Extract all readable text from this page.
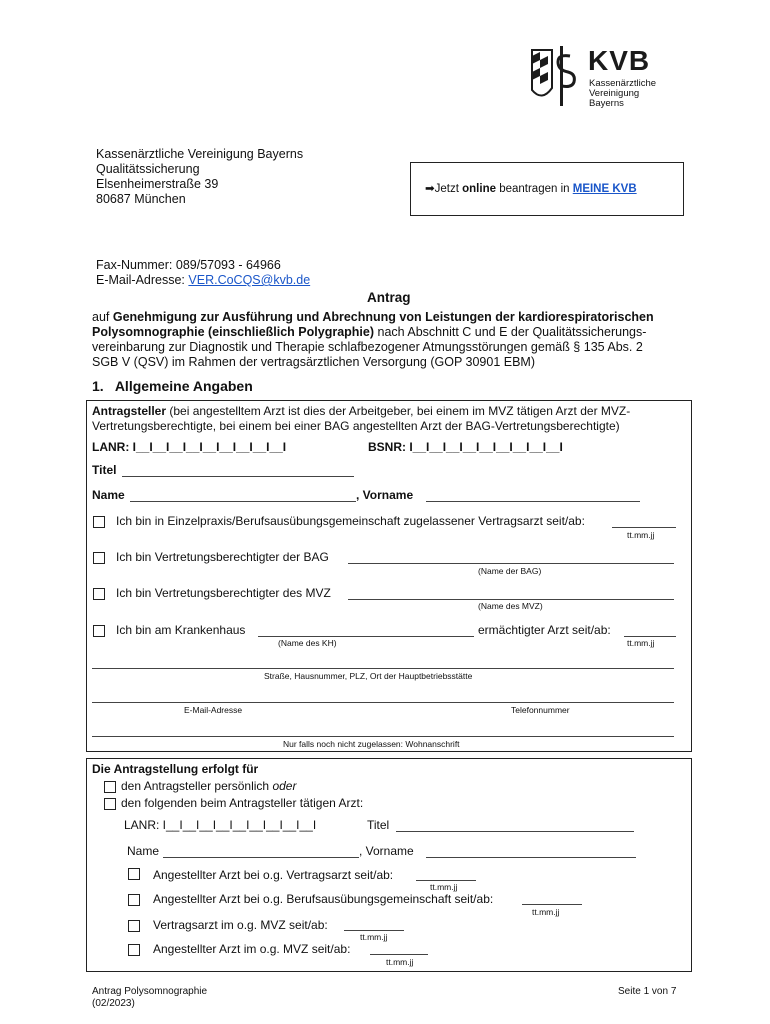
KVB
Kassenärztliche
Vereinigung
Bayerns
Kassenärztliche Vereinigung Bayerns
Qualitätssicherung
Elsenheimerstraße 39
80687 München
➡Jetzt online beantragen in MEINE KVB
Fax-Nummer: 089/57093 - 64966
E-Mail-Adresse: VER.CoCQS@kvb.de
Antrag
auf Genehmigung zur Ausführung und Abrechnung von Leistungen der kardiorespiratorischen
Polysomnographie (einschließlich Polygraphie) nach Abschnitt C und E der Qualitätssicherungs-
vereinbarung zur Diagnostik und Therapie schlafbezogener Atmungsstörungen gemäß § 135 Abs. 2
SGB V (QSV) im Rahmen der vertragsärztlichen Versorgung (GOP 30901 EBM)
1.   Allgemeine Angaben
Antragsteller (bei angestelltem Arzt ist dies der Arbeitgeber, bei einem im MVZ tätigen Arzt der MVZ-
Vertretungsberechtigte, bei einem bei einer BAG angestellten Arzt der BAG-Vertretungsberechtigte)
LANR: I__I__I__I__I__I__I__I__I__I	BSNR: I__I__I__I__I__I__I__I__I__I
Titel
Name	, Vorname
Ich bin in Einzelpraxis/Berufsausübungsgemeinschaft zugelassener Vertragsarzt seit/ab:
tt.mm.jj
Ich bin Vertretungsberechtigter der BAG
(Name der BAG)
Ich bin Vertretungsberechtigter des MVZ
(Name des MVZ)
Ich bin am Krankenhaus
(Name des KH)
ermächtigter Arzt seit/ab:
tt.mm.jj
Straße, Hausnummer, PLZ, Ort der Hauptbetriebsstätte
E-Mail-Adresse	Telefonnummer
Nur falls noch nicht zugelassen: Wohnanschrift
Die Antragstellung erfolgt für
den Antragsteller persönlich oder
den folgenden beim Antragsteller tätigen Arzt:
LANR: I__I__I__I__I__I__I__I__I__I	Titel
Name	, Vorname
Angestellter Arzt bei o.g. Vertragsarzt seit/ab:
tt.mm.jj
Angestellter Arzt bei o.g. Berufsausübungsgemeinschaft seit/ab:
tt.mm.jj
Vertragsarzt im o.g. MVZ seit/ab:
tt.mm.jj
Angestellter Arzt im o.g. MVZ seit/ab:
tt.mm.jj
Antrag Polysomnographie
(02/2023)
Seite 1 von 7
